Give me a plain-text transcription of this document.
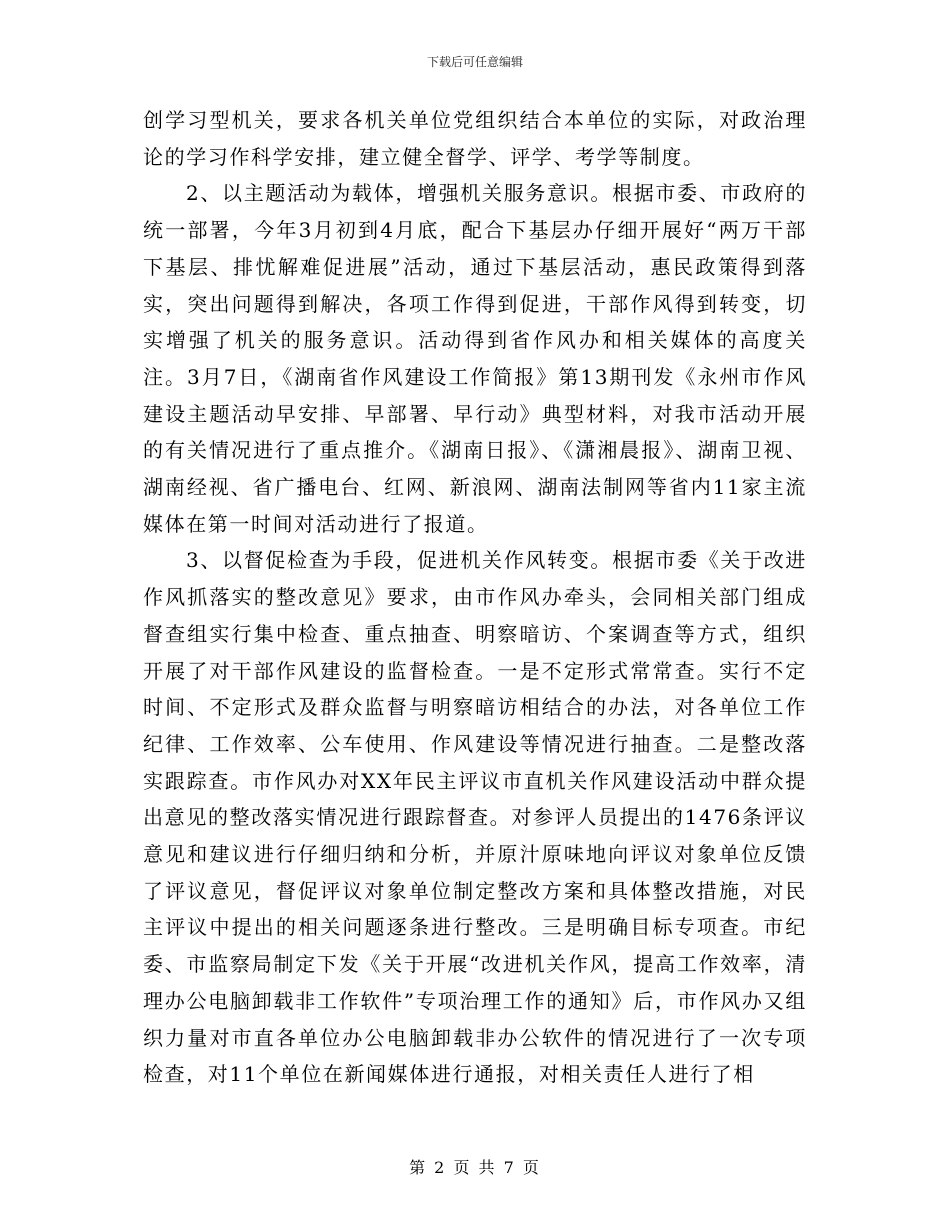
下载后可任意编辑

创学习型机关，要求各机关单位党组织结合本单位的实际，对政治理论的学习作科学安排，建立健全督学、评学、考学等制度。

2、以主题活动为载体，增强机关服务意识。根据市委、市政府的统一部署，今年3月初到4月底，配合下基层办仔细开展好“两万干部下基层、排忧解难促进展”活动，通过下基层活动，惠民政策得到落实，突出问题得到解决，各项工作得到促进，干部作风得到转变，切实增强了机关的服务意识。活动得到省作风办和相关媒体的高度关注。3月7日，《湖南省作风建设工作简报》第13期刊发《永州市作风建设主题活动早安排、早部署、早行动》典型材料，对我市活动开展的有关情况进行了重点推介。《湖南日报》、《潇湘晨报》、湖南卫视、湖南经视、省广播电台、红网、新浪网、湖南法制网等省内11家主流媒体在第一时间对活动进行了报道。

3、以督促检查为手段，促进机关作风转变。根据市委《关于改进作风抓落实的整改意见》要求，由市作风办牵头，会同相关部门组成督查组实行集中检查、重点抽查、明察暗访、个案调查等方式，组织开展了对干部作风建设的监督检查。一是不定形式常常查。实行不定时间、不定形式及群众监督与明察暗访相结合的办法，对各单位工作纪律、工作效率、公车使用、作风建设等情况进行抽查。二是整改落实跟踪查。市作风办对XX年民主评议市直机关作风建设活动中群众提出意见的整改落实情况进行跟踪督查。对参评人员提出的1476条评议意见和建议进行仔细归纳和分析，并原汁原味地向评议对象单位反馈了评议意见，督促评议对象单位制定整改方案和具体整改措施，对民主评议中提出的相关问题逐条进行整改。三是明确目标专项查。市纪委、市监察局制定下发《关于开展“改进机关作风，提高工作效率，清理办公电脑卸载非工作软件”专项治理工作的通知》后，市作风办又组织力量对市直各单位办公电脑卸载非办公软件的情况进行了一次专项检查，对11个单位在新闻媒体进行通报，对相关责任人进行了相

第 2 页 共 7 页
